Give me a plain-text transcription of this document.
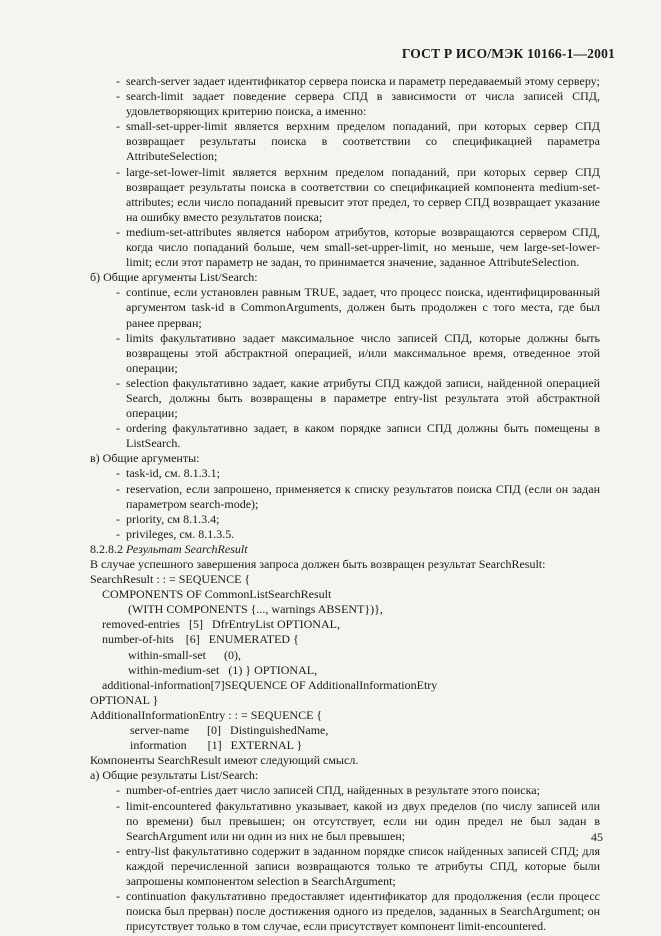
ГОСТ Р ИСО/МЭК 10166-1—2001
- search-server задает идентификатор сервера поиска и параметр передаваемый этому серверу;
- search-limit задает поведение сервера СПД в зависимости от числа записей СПД, удовлетворяющих критерию поиска, а именно:
- small-set-upper-limit является верхним пределом попаданий, при которых сервер СПД возвращает результаты поиска в соответствии со спецификацией параметра AttributeSelection;
- large-set-lower-limit является верхним пределом попаданий, при которых сервер СПД возвращает результаты поиска в соответствии со спецификацией компонента medium-set-attributes; если число попаданий превысит этот предел, то сервер СПД возвращает указание на ошибку вместо результатов поиска;
- medium-set-attributes является набором атрибутов, которые возвращаются сервером СПД, когда число попаданий больше, чем small-set-upper-limit, но меньше, чем large-set-lower-limit; если этот параметр не задан, то принимается значение, заданное AttributeSelection.

б) Общие аргументы List/Search:

- continue, если установлен равным TRUE, задает, что процесс поиска, идентифицированный аргументом task-id в CommonArguments, должен быть продолжен с того места, где был ранее прерван;
- limits факультативно задает максимальное число записей СПД, которые должны быть возвращены этой абстрактной операцией, и/или максимальное время, отведенное этой операции;
- selection факультативно задает, какие атрибуты СПД каждой записи, найденной операцией Search, должны быть возвращены в параметре entry-list результата этой абстрактной операции;
- ordering факультативно задает, в каком порядке записи СПД должны быть помещены в ListSearch.

в) Общие аргументы:

- task-id, см. 8.1.3.1;
- reservation, если запрошено, применяется к списку результатов поиска СПД (если он задан параметром search-mode);
- priority, см 8.1.3.4;
- privileges, см. 8.1.3.5.

8.2.8.2 Результат SearchResult

В случае успешного завершения запроса должен быть возвращен результат SearchResult:

SearchResult : : = SEQUENCE {

COMPONENTS OF CommonListSearchResult

(WITH COMPONENTS {..., warnings ABSENT})},

removed-entries   [5]   DfrEntryList OPTIONAL,

number-of-hits    [6]   ENUMERATED {

within-small-set      (0),

within-medium-set   (1) } OPTIONAL,

additional-information[7]SEQUENCE OF AdditionalInformationEtry

OPTIONAL }

AdditionalInformationEntry : : = SEQUENCE {

server-name      [0]   DistinguishedName,

information       [1]   EXTERNAL }

Компоненты SearchResult имеют следующий смысл.

а) Общие результаты List/Search:

- number-of-entries дает число записей СПД, найденных в результате этого поиска;
- limit-encountered факультативно указывает, какой из двух пределов (по числу записей или по времени) был превышен; он отсутствует, если ни один предел не был задан в SearchArgument или ни один из них не был превышен;
- entry-list факультативно содержит в заданном порядке список найденных записей СПД; для каждой перечисленной записи возвращаются только те атрибуты СПД, которые были запрошены компонентом selection в SearchArgument;
- continuation факультативно предоставляет идентификатор для продолжения (если процесс поиска был прерван) после достижения одного из пределов, заданных в SearchArgument; он присутствует только в том случае, если присутствует компонент limit-encountered.
45
